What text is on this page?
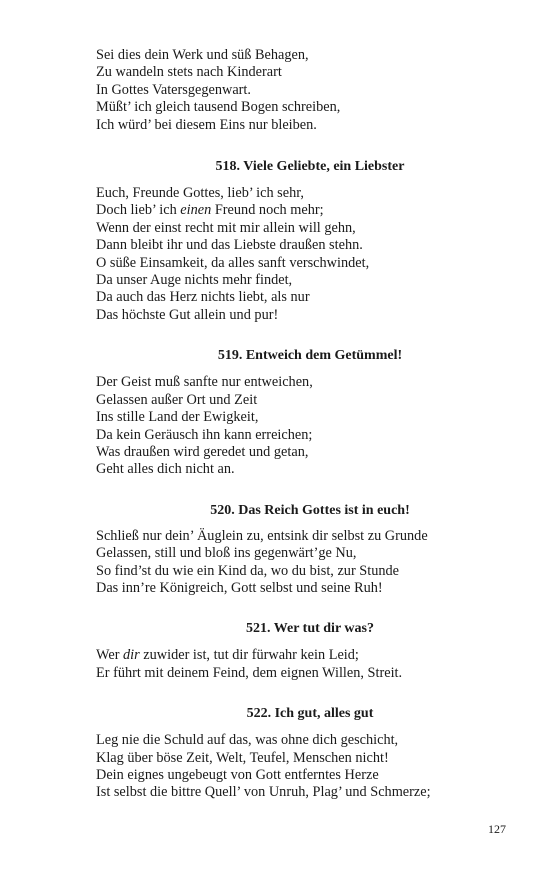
Sei dies dein Werk und süß Behagen,
Zu wandeln stets nach Kinderart
In Gottes Vatersgegenwart.
Müßt’ ich gleich tausend Bogen schreiben,
Ich würd’ bei diesem Eins nur bleiben.
518. Viele Geliebte, ein Liebster
Euch, Freunde Gottes, lieb’ ich sehr,
Doch lieb’ ich einen Freund noch mehr;
Wenn der einst recht mit mir allein will gehn,
Dann bleibt ihr und das Liebste draußen stehn.
O süße Einsamkeit, da alles sanft verschwindet,
Da unser Auge nichts mehr findet,
Da auch das Herz nichts liebt, als nur
Das höchste Gut allein und pur!
519. Entweich dem Getümmel!
Der Geist muß sanfte nur entweichen,
Gelassen außer Ort und Zeit
Ins stille Land der Ewigkeit,
Da kein Geräusch ihn kann erreichen;
Was draußen wird geredet und getan,
Geht alles dich nicht an.
520. Das Reich Gottes ist in euch!
Schließ nur dein’ Äuglein zu, entsink dir selbst zu Grunde
Gelassen, still und bloß ins gegenwärt’ge Nu,
So find’st du wie ein Kind da, wo du bist, zur Stunde
Das inn’re Königreich, Gott selbst und seine Ruh!
521. Wer tut dir was?
Wer dir zuwider ist, tut dir fürwahr kein Leid;
Er führt mit deinem Feind, dem eignen Willen, Streit.
522. Ich gut, alles gut
Leg nie die Schuld auf das, was ohne dich geschicht,
Klag über böse Zeit, Welt, Teufel, Menschen nicht!
Dein eignes ungebeugt von Gott entferntes Herze
Ist selbst die bittre Quell’ von Unruh, Plag’ und Schmerze;
127
